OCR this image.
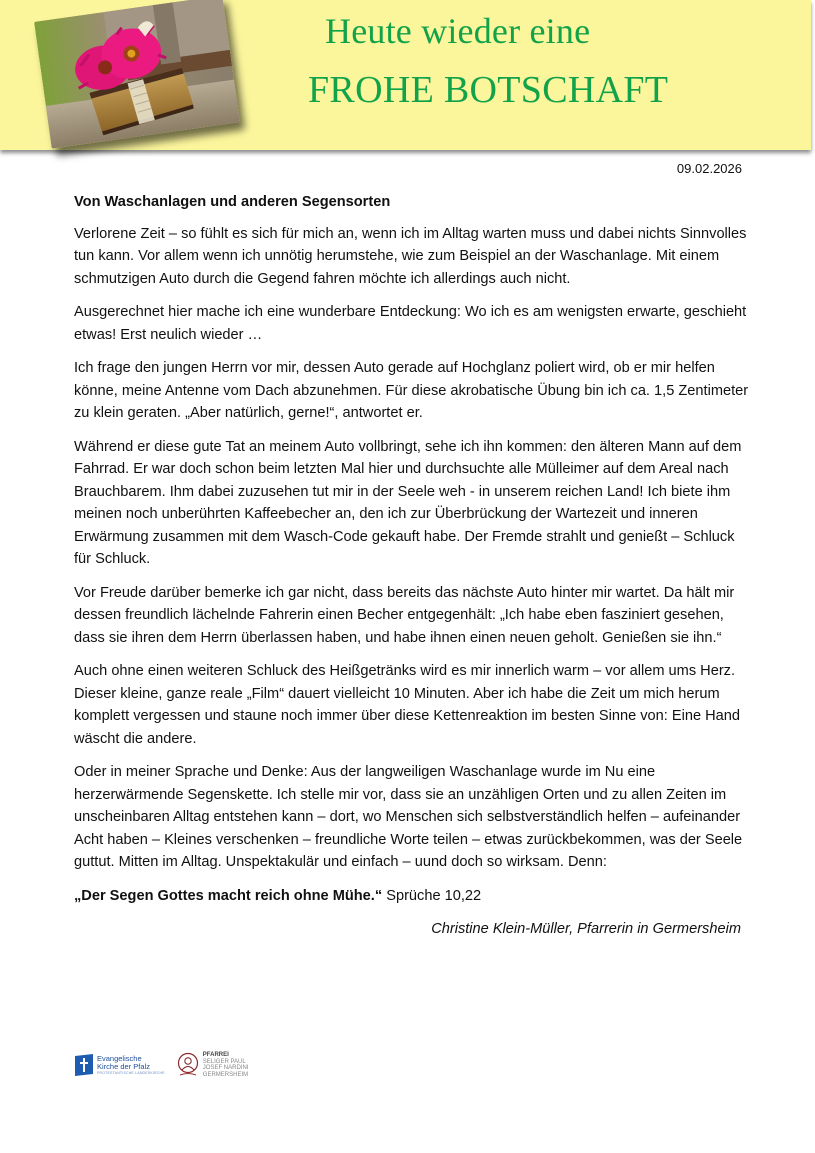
Heute wieder eine
FROHE BOTSCHAFT
09.02.2026
Von Waschanlagen und anderen Segensorten

Verlorene Zeit – so fühlt es sich für mich an, wenn ich im Alltag warten muss und dabei nichts Sinnvolles tun kann. Vor allem wenn ich unnötig herumstehe, wie zum Beispiel an der Waschanlage. Mit einem schmutzigen Auto durch die Gegend fahren möchte ich allerdings auch nicht.

Ausgerechnet hier mache ich eine wunderbare Entdeckung: Wo ich es am wenigsten erwarte, geschieht etwas! Erst neulich wieder …

Ich frage den jungen Herrn vor mir, dessen Auto gerade auf Hochglanz poliert wird, ob er mir helfen könne, meine Antenne vom Dach abzunehmen. Für diese akrobatische Übung bin ich ca. 1,5 Zentimeter zu klein geraten. „Aber natürlich, gerne!“, antwortet er.

Während er diese gute Tat an meinem Auto vollbringt, sehe ich ihn kommen: den älteren Mann auf dem Fahrrad. Er war doch schon beim letzten Mal hier und durchsuchte alle Mülleimer auf dem Areal nach Brauchbarem. Ihm dabei zuzusehen tut mir in der Seele weh - in unserem reichen Land! Ich biete ihm meinen noch unberührten Kaffeebecher an, den ich zur Überbrückung der Wartezeit und inneren Erwärmung zusammen mit dem Wasch-Code gekauft habe. Der Fremde strahlt und genießt – Schluck für Schluck.

Vor Freude darüber bemerke ich gar nicht, dass bereits das nächste Auto hinter mir wartet. Da hält mir dessen freundlich lächelnde Fahrerin einen Becher entgegenhält: „Ich habe eben fasziniert gesehen, dass sie ihren dem Herrn überlassen haben, und habe ihnen einen neuen geholt. Genießen sie ihn.“

Auch ohne einen weiteren Schluck des Heißgetränks wird es mir innerlich warm – vor allem ums Herz. Dieser kleine, ganze reale „Film“ dauert vielleicht 10 Minuten. Aber ich habe die Zeit um mich herum komplett vergessen und staune noch immer über diese Kettenreaktion im besten Sinne von: Eine Hand wäscht die andere.

Oder in meiner Sprache und Denke: Aus der langweiligen Waschanlage wurde im Nu eine herzerwärmende Segenskette. Ich stelle mir vor, dass sie an unzähligen Orten und zu allen Zeiten im unscheinbaren Alltag entstehen kann – dort, wo Menschen sich selbstverständlich helfen – aufeinander Acht haben – Kleines verschenken – freundliche Worte teilen – etwas zurückbekommen, was der Seele guttut. Mitten im Alltag. Unspektakulär und einfach – uund doch so wirksam. Denn:

„Der Segen Gottes macht reich ohne Mühe.“ Sprüche 10,22

Christine Klein-Müller, Pfarrerin in Germersheim
Evangelische
Kirche der Pfalz
PROTESTANTISCHE LANDESKIRCHE
PFARREI
SELIGER PAUL
JOSEF NARDINI
GERMERSHEIM
